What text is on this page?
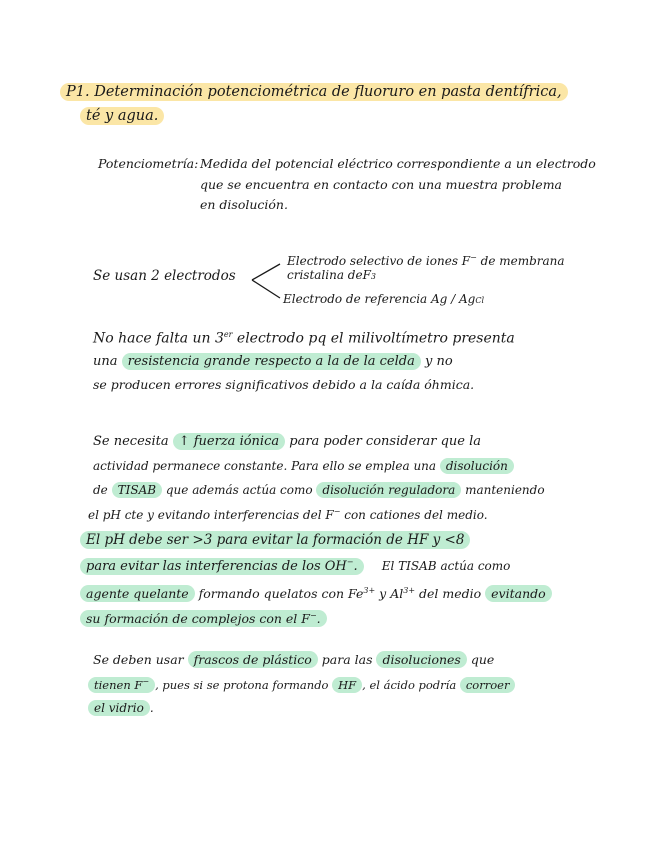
P1. Determinación potenciométrica de fluoruro en pasta dentífrica,
té y agua.
Potenciometría: Medida del potencial eléctrico correspondiente a un electrodo
que se encuentra en contacto con una muestra problema
en disolución.
Se usan 2 electrodos
Electrodo selectivo de iones F− de membrana
cristalina deF3
Electrodo de referencia Ag / AgCl
No hace falta un 3er electrodo pq el milivoltímetro presenta
una resistencia grande respecto a la de la celda y no
se producen errores significativos debido a la caída óhmica.
Se necesita ↑ fuerza iónica para poder considerar que la
actividad permanece constante. Para ello se emplea una disolución
de TISAB que además actúa como disolución reguladora manteniendo
el pH cte y evitando interferencias del F− con cationes del medio.
El pH debe ser >3 para evitar la formación de HF y <8
para evitar las interferencias de los OH−. El TISAB actúa como
agente quelante formando quelatos con $Fe^{3+}$ y $Al^{3+}$ del medio evitando
su formación de complejos con el F−.
Se deben usar frascos de plástico para las disoluciones que
tienen F− , pues si se protona formando HF , el ácido podría corroer
el vidrio .
